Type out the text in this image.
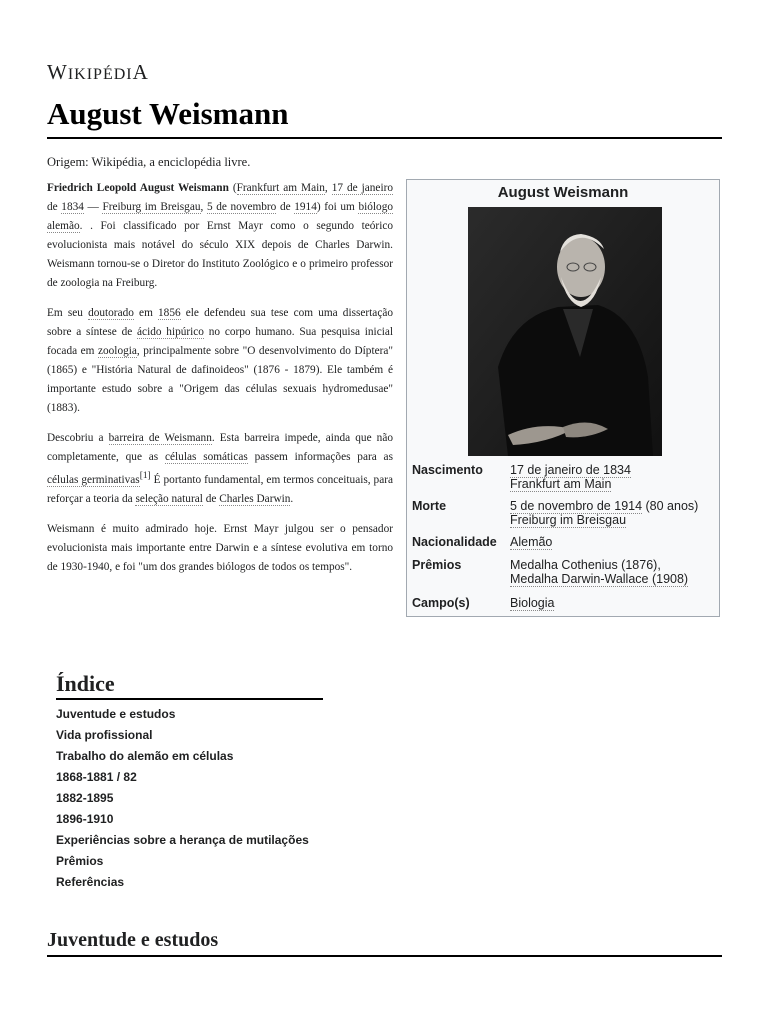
WIKIPÉDIA
August Weismann
Origem: Wikipédia, a enciclopédia livre.

Friedrich Leopold August Weismann (Frankfurt am Main, 17 de janeiro de 1834 — Freiburg im Breisgau, 5 de novembro de 1914) foi um biólogo alemão. . Foi classificado por Ernst Mayr como o segundo teórico evolucionista mais notável do século XIX depois de Charles Darwin. Weismann tornou-se o Diretor do Instituto Zoológico e o primeiro professor de zoologia na Freiburg.

Em seu doutorado em 1856 ele defendeu sua tese com uma dissertação sobre a síntese de ácido hipúrico no corpo humano. Sua pesquisa inicial focada em zoologia, principalmente sobre "O desenvolvimento do Díptera" (1865) e "História Natural de dafinoideos" (1876 - 1879). Ele também é importante estudo sobre a "Origem das células sexuais hydromedusae" (1883).

Descobriu a barreira de Weismann. Esta barreira impede, ainda que não completamente, que as células somáticas passem informações para as células germinativas[1] É portanto fundamental, em termos conceituais, para reforçar a teoria da seleção natural de Charles Darwin.

Weismann é muito admirado hoje. Ernst Mayr julgou ser o pensador evolucionista mais importante entre Darwin e a síntese evolutiva em torno de 1930-1940, e foi "um dos grandes biólogos de todos os tempos".

August Weismann
Nascimento 17 de janeiro de 1834
Frankfurt am Main
Morte	5 de novembro de 1914 (80 anos)
Freiburg im Breisgau
Nacionalidade Alemão
Prêmios	Medalha Cothenius (1876),
Medalha Darwin-Wallace (1908)
Campo(s)	Biologia
Índice
Juventude e estudos
Vida profissional
Trabalho do alemão em células
1868-1881 / 82
1882-1895
1896-1910
Experiências sobre a herança de mutilações
Prêmios
Referências
Juventude e estudos
